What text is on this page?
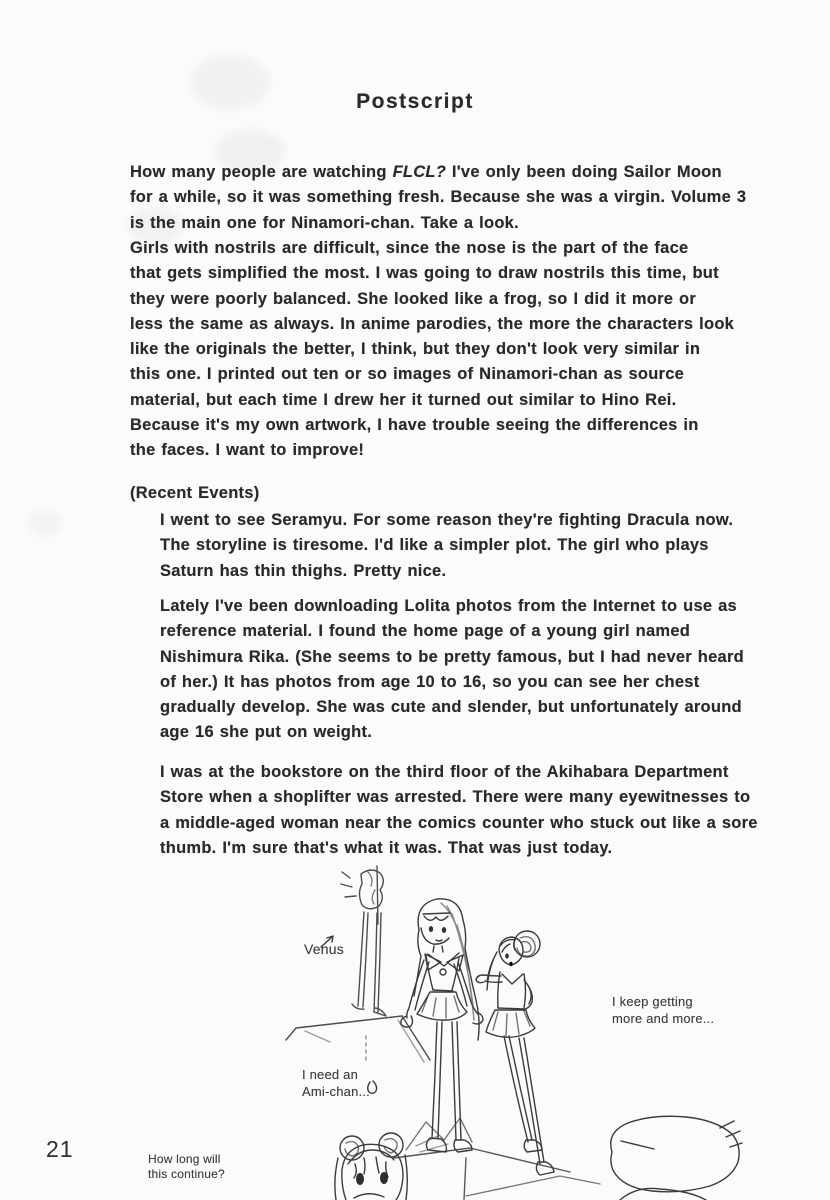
Postscript
How many people are watching FLCL? I've only been doing Sailor Moon
for a while, so it was something fresh. Because she was a virgin. Volume 3
is the main one for Ninamori-chan. Take a look.
Girls with nostrils are difficult, since the nose is the part of the face
that gets simplified the most. I was going to draw nostrils this time, but
they were poorly balanced. She looked like a frog, so I did it more or
less the same as always. In anime parodies, the more the characters look
like the originals the better, I think, but they don't look very similar in
this one. I printed out ten or so images of Ninamori-chan as source
material, but each time I drew her it turned out similar to Hino Rei.
Because it's my own artwork, I have trouble seeing the differences in
the faces. I want to improve!
(Recent Events)
I went to see Seramyu. For some reason they're fighting Dracula now.
The storyline is tiresome. I'd like a simpler plot. The girl who plays
Saturn has thin thighs. Pretty nice.
Lately I've been downloading Lolita photos from the Internet to use as
reference material. I found the home page of a young girl named
Nishimura Rika. (She seems to be pretty famous, but I had never heard
of her.) It has photos from age 10 to 16, so you can see her chest
gradually develop. She was cute and slender, but unfortunately around
age 16 she put on weight.
I was at the bookstore on the third floor of the Akihabara Department
Store when a shoplifter was arrested. There were many eyewitnesses to
a middle-aged woman near the comics counter who stuck out like a sore
thumb. I'm sure that's what it was. That was just today.
Venus
I need an
Ami-chan...
I keep getting
more and more...
How long will
this continue?
21
